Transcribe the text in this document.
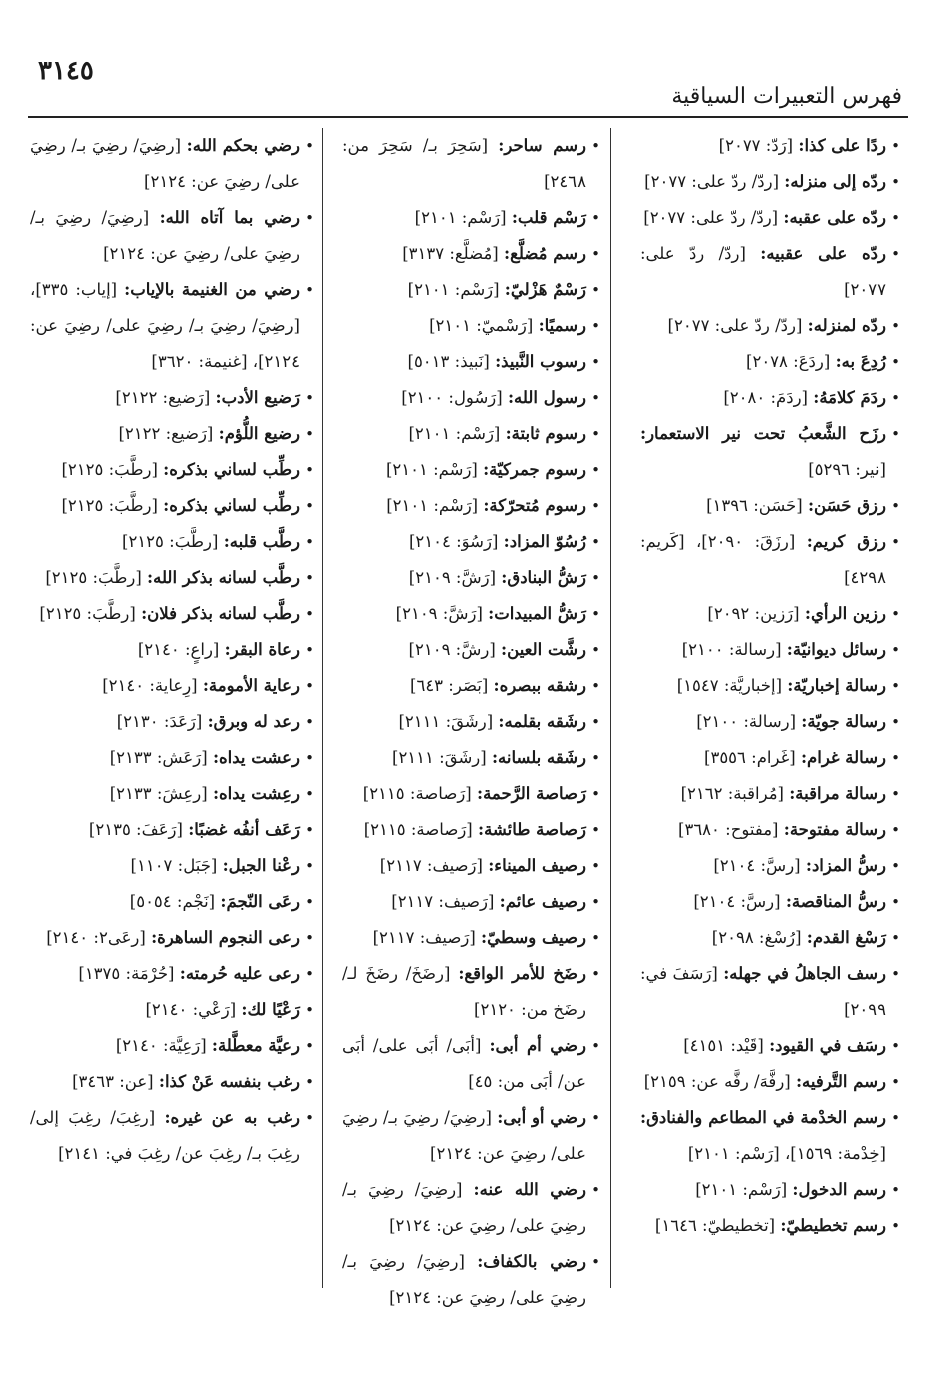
٣١٤٥
فهرس التعبيرات السياقية
• ردًا على كذا: [رَدّ: ٢٠٧٧]
• ردّه إلى منزله: [ردّ/ ردّ على: ٢٠٧٧]
• ردّه على عقبه: [ردّ/ ردّ على: ٢٠٧٧]
• ردّه على عقبيه: [ردّ/ ردّ على: ٢٠٧٧]
• ردّه لمنزله: [ردّ/ ردّ على: ٢٠٧٧]
• رُدِعَ به: [ردَعَ: ٢٠٧٨]
• ردَمَ كلامَهُ: [ردَمَ: ٢٠٨٠]
• رزَح الشَّعبُ تحت نير الاستعمار: [نير: ٥٢٩٦]
• رزق حَسَن: [حَسَن: ١٣٩٦]
• رزق كريم: [رزَقَ: ٢٠٩٠]، [كَريم: ٤٢٩٨]
• رزين الرأي: [رَزين: ٢٠٩٢]
• رسائل ديوانيّة: [رسالة: ٢١٠٠]
• رسالة إخباريّة: [إخباريَّة: ١٥٤٧]
• رسالة جويّة: [رسالة: ٢١٠٠]
• رسالة غرام: [غَرام: ٣٥٥٦]
• رسالة مراقبة: [مُراقبة: ٢١٦٢]
• رسالة مفتوحة: [مفتوح: ٣٦٨٠]
• رسُّ المزاد: [رسَّ: ٢١٠٤]
• رسُّ المناقصة: [رسَّ: ٢١٠٤]
• رَسْغ القدم: [رُسْغ: ٢٠٩٨]
• رسف الجاهلُ في جهله: [رَسَفَ في: ٢٠٩٩]
• رسَف في القيود: [قَيْد: ٤١٥١]
• رسم التَّرفيه: [رفَّهَ/ رفَّه عن: ٢١٥٩]
• رسم الخدْمة في المطاعم والفنادق: [خِدْمة: ١٥٦٩]، [رَسْم: ٢١٠١]
• رسم الدخول: [رَسْم: ٢١٠١]
• رسم تخطيطيّ: [تخطيطيّ: ١٦٤٦]
• رسم ساحر: [سَحِرَ بـ/ سَحِرَ من: ٢٤٦٨]
• رَسْم قلب: [رَسْم: ٢١٠١]
• رسم مُضلَّع: [مُضلَّع: ٣١٣٧]
• رَسْمٌ هَزْليّ: [رَسْم: ٢١٠١]
• رسميًا: [رَسْميّ: ٢١٠١]
• رسوب النَّبيذ: [نَبيذ: ٥٠١٣]
• رسول الله: [رَسُول: ٢١٠٠]
• رسوم ثابتة: [رَسْم: ٢١٠١]
• رسوم جمركيّة: [رَسْم: ٢١٠١]
• رسوم مُتحرّكة: [رَسْم: ٢١٠١]
• رُسُوّ المزاد: [رَسُوَ: ٢١٠٤]
• رَشُّ البنادق: [رَشَّ: ٢١٠٩]
• رَشُّ المبيدات: [رَشَّ: ٢١٠٩]
• رشَّت العين: [رشَّ: ٢١٠٩]
• رشقه ببصره: [بَصَر: ٦٤٣]
• رشَقه بقلمه: [رشَقَ: ٢١١١]
• رشَقه بلسانه: [رشَقَ: ٢١١١]
• رَصاصة الرَّحمة: [رَصاصة: ٢١١٥]
• رَصاصة طائشة: [رَصاصة: ٢١١٥]
• رصيف الميناء: [رَصيف: ٢١١٧]
• رصيف عائم: [رَصيف: ٢١١٧]
• رصيف وسطيّ: [رَصيف: ٢١١٧]
• رضَخ للأمر الواقع: [رضَخَ/ رضَخَ لـ/ رضَخ من: ٢١٢٠]
• رضي أم أبى: [أبَى/ أبَى على/ أبَى عن/ أبَى من: ٤٥]
• رضي أو أبى: [رضِيَ/ رضِيَ بـ/ رضِيَ على/ رضِيَ عن: ٢١٢٤]
• رضي الله عنه: [رضِيَ/ رضِيَ بـ/ رضِيَ على/ رضِيَ عن: ٢١٢٤]
• رضي بالكفاف: [رضِيَ/ رضِيَ بـ/ رضِيَ على/ رضِيَ عن: ٢١٢٤]
• رضي بحكم الله: [رضِيَ/ رضِيَ بـ/ رضِيَ على/ رضِيَ عن: ٢١٢٤]
• رضي بما آتاه الله: [رضِيَ/ رضِيَ بـ/ رضِيَ على/ رضِيَ عن: ٢١٢٤]
• رضي من الغنيمة بالإياب: [إياب: ٣٣٥]، [رضِيَ/ رضِيَ بـ/ رضِيَ على/ رضِيَ عن: ٢١٢٤]، [غنيمة: ٣٦٢٠]
• رَضيع الأدب: [رَضيع: ٢١٢٢]
• رضيع اللُّؤم: [رَضيع: ٢١٢٢]
• رطِّب لساني بذكره: [رطَّبَ: ٢١٢٥]
• رطِّب لساني بذكره: [رطَّبَ: ٢١٢٥]
• رطَّب قلبه: [رطَّبَ: ٢١٢٥]
• رطَّب لسانه بذكر الله: [رطَّبَ: ٢١٢٥]
• رطَّب لسانه بذكر فلان: [رطَّبَ: ٢١٢٥]
• رعاة البقر: [راعٍ: ٢١٤٠]
• رعاية الأمومة: [رِعاية: ٢١٤٠]
• رعد له وبرق: [رَعَدَ: ٢١٣٠]
• رعشت يداه: [رَعَش: ٢١٣٣]
• رعِشت يداه: [رعِشَ: ٢١٣٣]
• رَعَف أنفُه غضبًا: [رَعَفَ: ٢١٣٥]
• رعْنا الجبل: [جَبَل: ١١٠٧]
• رعَى النّجمَ: [نَجْم: ٥٠٥٤]
• رعى النجوم الساهرة: [رعَى٢: ٢١٤٠]
• رعى عليه حُرمته: [حُرْمَة: ١٣٧٥]
• رَعْيًا لك: [رَعْي: ٢١٤٠]
• رعيَّة معطَّلة: [رَعِيَّة: ٢١٤٠]
• رغب بنفسه عَنْ كذا: [عن: ٣٤٦٣]
• رغب به عن غيره: [رغِبَ/ رغِبَ إلى/ رغِبَ بـ/ رغِبَ عن/ رغِبَ في: ٢١٤١]
